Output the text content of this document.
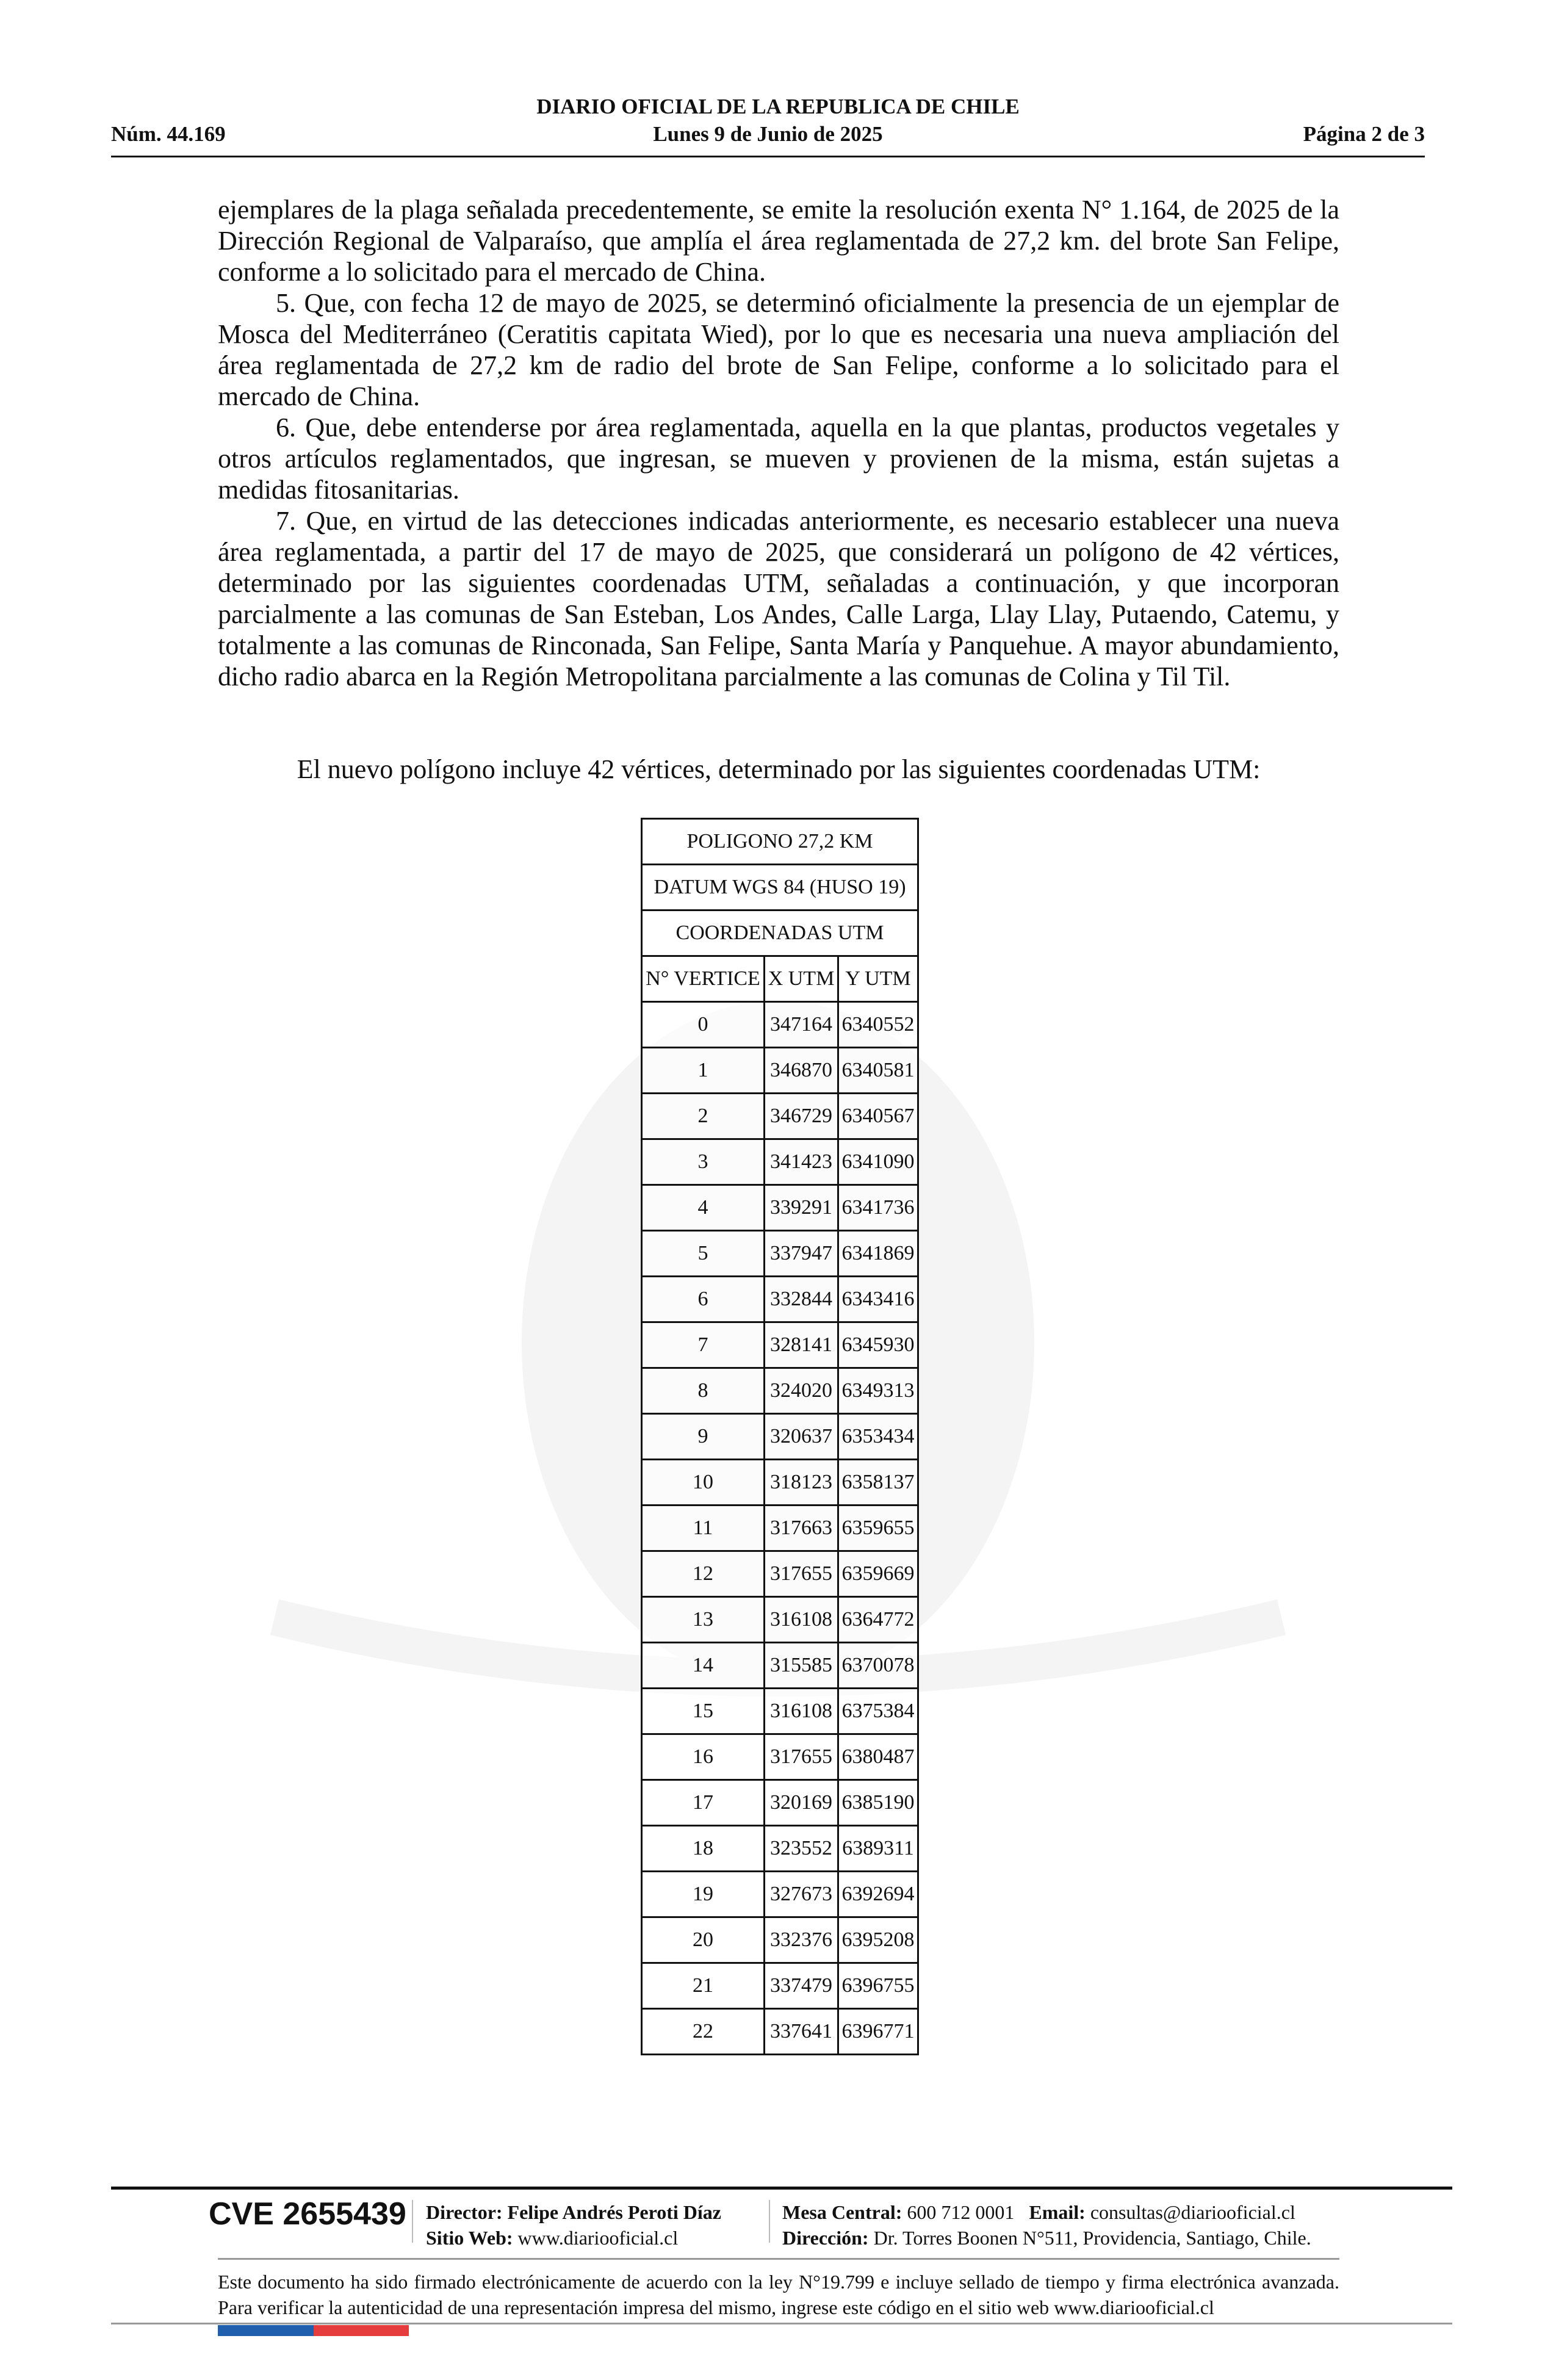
DIARIO OFICIAL DE LA REPUBLICA DE CHILE
Núm. 44.169	Lunes 9 de Junio de 2025	Página 2 de 3

ejemplares de la plaga señalada precedentemente, se emite la resolución exenta N° 1.164, de 2025 de la Dirección Regional de Valparaíso, que amplía el área reglamentada de 27,2 km. del brote San Felipe, conforme a lo solicitado para el mercado de China.

5. Que, con fecha 12 de mayo de 2025, se determinó oficialmente la presencia de un ejemplar de Mosca del Mediterráneo (Ceratitis capitata Wied), por lo que es necesaria una nueva ampliación del área reglamentada de 27,2 km de radio del brote de San Felipe, conforme a lo solicitado para el mercado de China.

6. Que, debe entenderse por área reglamentada, aquella en la que plantas, productos vegetales y otros artículos reglamentados, que ingresan, se mueven y provienen de la misma, están sujetas a medidas fitosanitarias.

7. Que, en virtud de las detecciones indicadas anteriormente, es necesario establecer una nueva área reglamentada, a partir del 17 de mayo de 2025, que considerará un polígono de 42 vértices, determinado por las siguientes coordenadas UTM, señaladas a continuación, y que incorporan parcialmente a las comunas de San Esteban, Los Andes, Calle Larga, Llay Llay, Putaendo, Catemu, y totalmente a las comunas de Rinconada, San Felipe, Santa María y Panquehue. A mayor abundamiento, dicho radio abarca en la Región Metropolitana parcialmente a las comunas de Colina y Til Til.

El nuevo polígono incluye 42 vértices, determinado por las siguientes coordenadas UTM:
POLIGONO 27,2 KM		
DATUM WGS 84 (HUSO 19)		
COORDENADAS UTM		
N° VERTICE	X UTM	Y UTM
0	347164	6340552
1	346870	6340581
2	346729	6340567
3	341423	6341090
4	339291	6341736
5	337947	6341869
6	332844	6343416
7	328141	6345930
8	324020	6349313
9	320637	6353434
10	318123	6358137
11	317663	6359655
12	317655	6359669
13	316108	6364772
14	315585	6370078
15	316108	6375384
16	317655	6380487
17	320169	6385190
18	323552	6389311
19	327673	6392694
20	332376	6395208
21	337479	6396755
22	337641	6396771
CVE 2655439 Director: Felipe Andrés Peroti Díaz
Sitio Web: www.diariooficial.cl
Mesa Central: 600 712 0001 Email: consultas@diariooficial.cl
Dirección: Dr. Torres Boonen N°511, Providencia, Santiago, Chile.
Este documento ha sido firmado electrónicamente de acuerdo con la ley N°19.799 e incluye sellado de tiempo y firma electrónica avanzada. Para verificar la autenticidad de una representación impresa del mismo, ingrese este código en el sitio web www.diariooficial.cl
